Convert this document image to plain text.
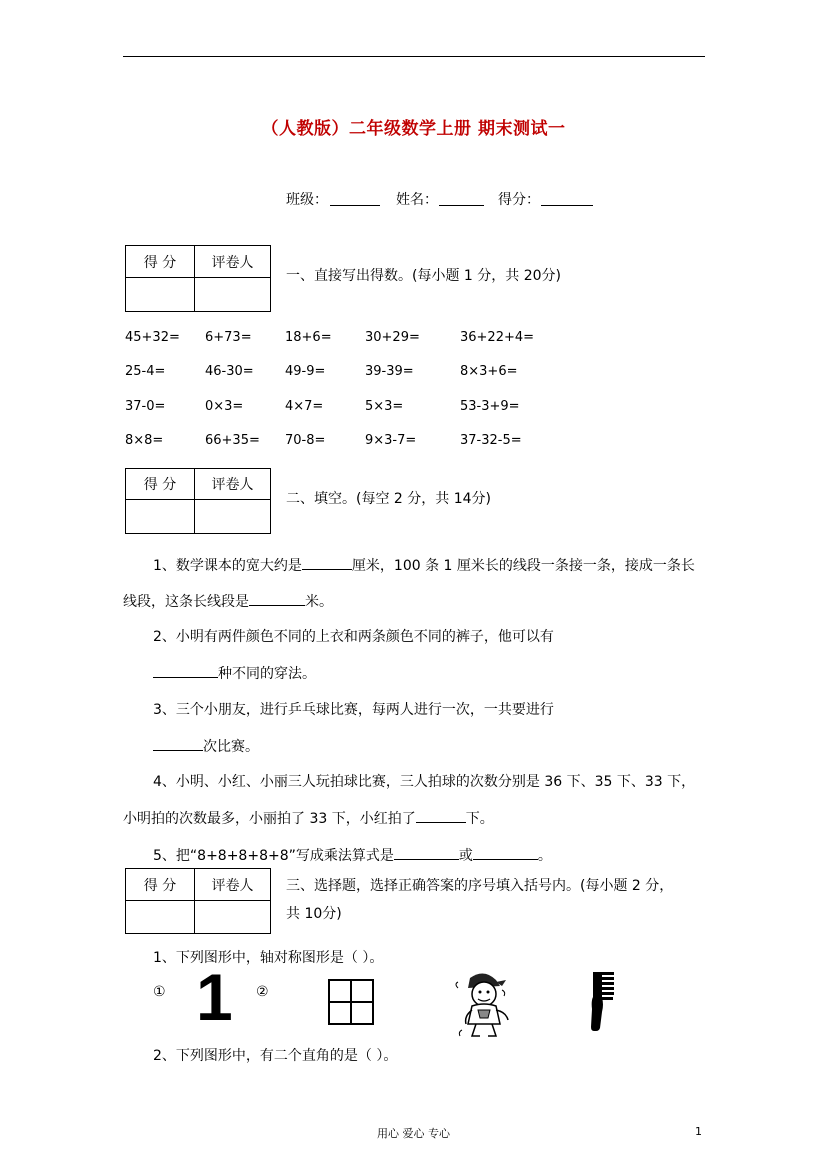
（人教版）二年级数学上册 期末测试一
班级：	姓名：	得分：
得 分	评卷人

一、直接写出得数。(每小题 1 分，共 20分)
45+32= 6+73=	18+6=	30+29=	36+22+4=
25-4=	46-30= 49-9=	39-39=	8×3+6=
37-0=	0×3=	4×7=	5×3=	53-3+9=
8×8=	66+35= 70-8=	9×3-7=	37-32-5=
得 分	评卷人

二、填空。(每空 2 分，共 14分)
1、数学课本的宽大约是	厘米，100 条 1 厘米长的线段一条接一条，接成一条长
线段，这条长线段是	米。
2、小明有两件颜色不同的上衣和两条颜色不同的裤子，他可以有
种不同的穿法。
3、三个小朋友，进行乒乓球比赛，每两人进行一次，一共要进行
次比赛。
4、小明、小红、小丽三人玩拍球比赛，三人拍球的次数分别是 36 下、35 下、33 下，
小明拍的次数最多，小丽拍了 33 下，小红拍了	下。
5、把“8+8+8+8+8”写成乘法算式是	或	。
得 分	评卷人
	三、选择题，选择正确答案的序号填入括号内。(每小题 2 分，
共 10分)
1、下列图形中，轴对称图形是（ ）。
① 1 ②
2、下列图形中，有二个直角的是（ ）。
用心 爱心 专心	1
